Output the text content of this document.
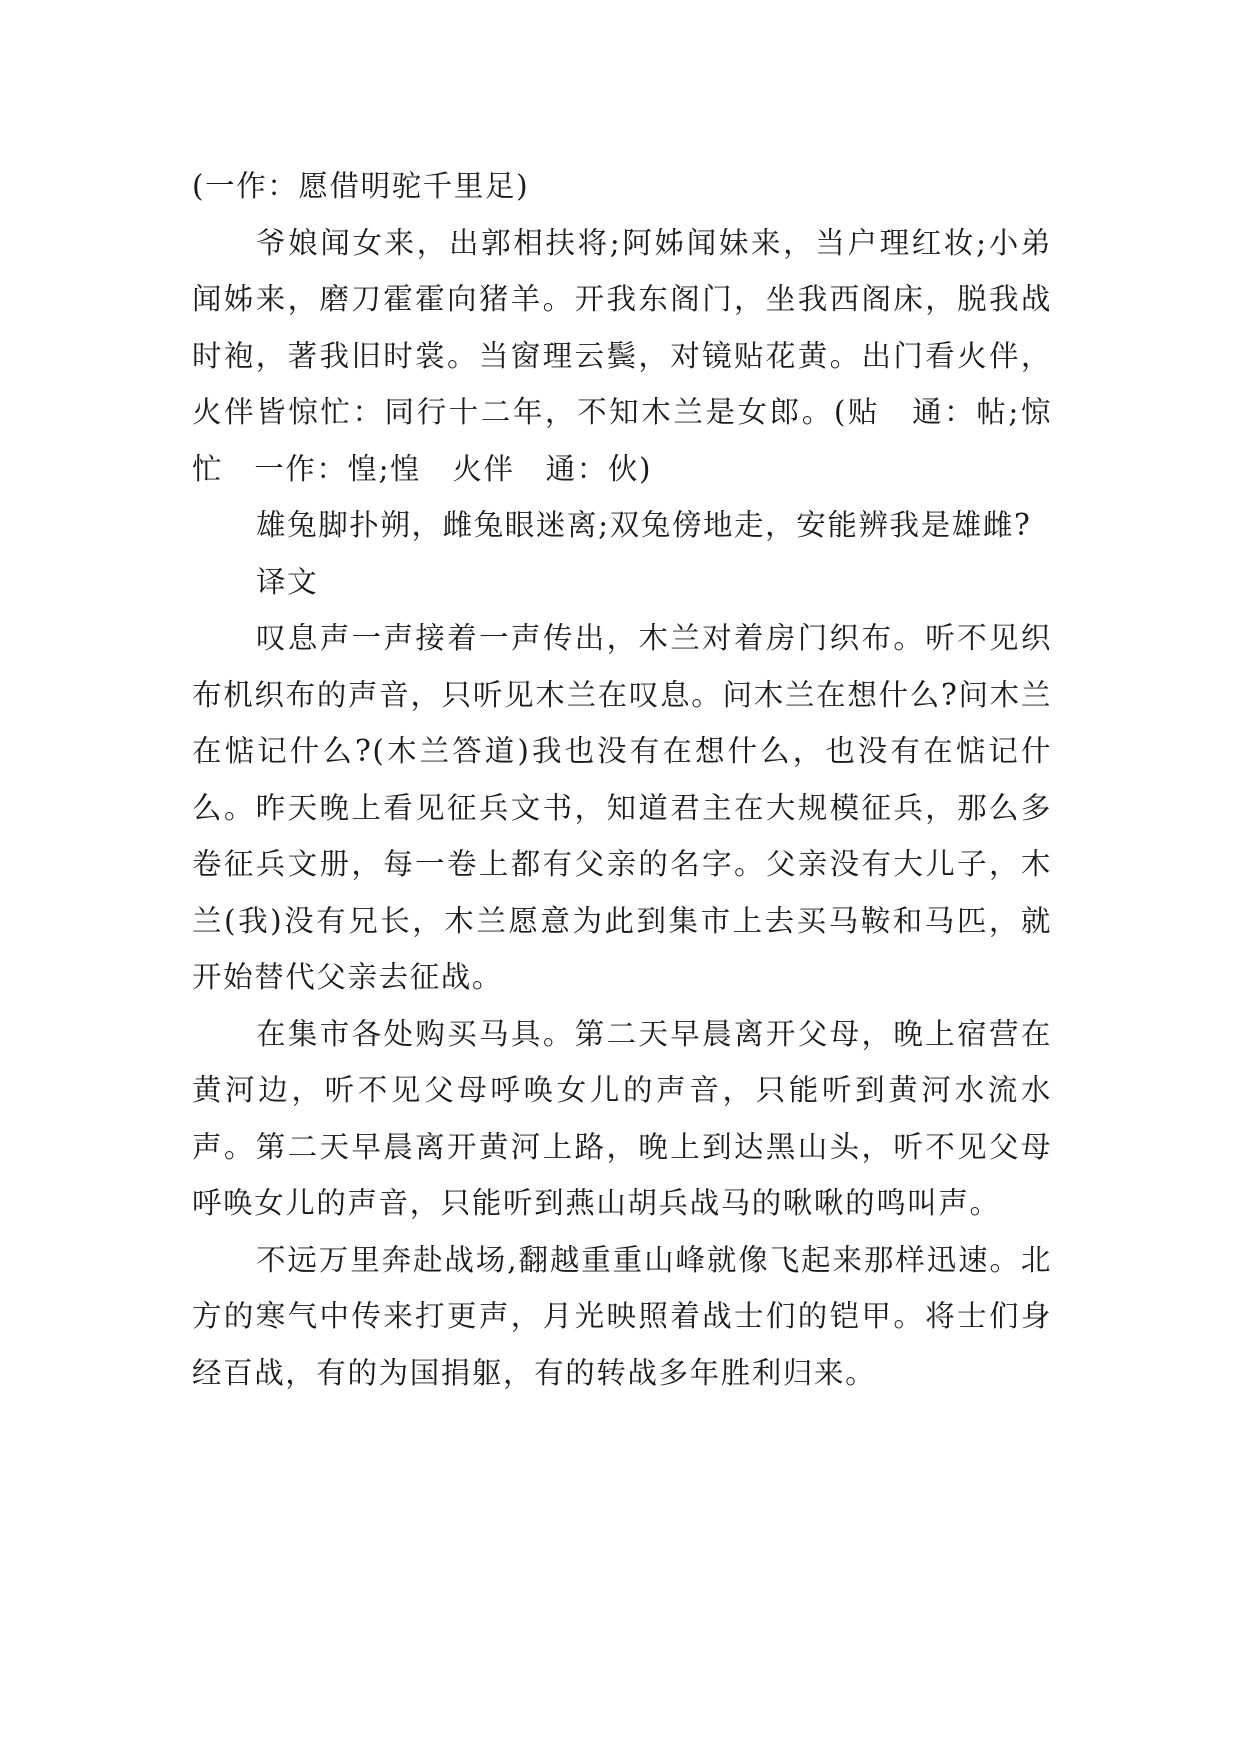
(一作：愿借明驼千里足)

爷娘闻女来，出郭相扶将;阿姊闻妹来，当户理红妆;小弟闻姊来，磨刀霍霍向猪羊。开我东阁门，坐我西阁床，脱我战时袍，著我旧时裳。当窗理云鬓，对镜贴花黄。出门看火伴，火伴皆惊忙：同行十二年，不知木兰是女郎。(贴　通：帖;惊忙　一作：惶;惶　火伴　通：伙)

雄兔脚扑朔，雌兔眼迷离;双兔傍地走，安能辨我是雄雌?

译文

叹息声一声接着一声传出，木兰对着房门织布。听不见织布机织布的声音，只听见木兰在叹息。问木兰在想什么?问木兰在惦记什么?(木兰答道)我也没有在想什么，也没有在惦记什么。昨天晚上看见征兵文书，知道君主在大规模征兵，那么多卷征兵文册，每一卷上都有父亲的名字。父亲没有大儿子，木兰(我)没有兄长，木兰愿意为此到集市上去买马鞍和马匹，就开始替代父亲去征战。

在集市各处购买马具。第二天早晨离开父母，晚上宿营在黄河边，听不见父母呼唤女儿的声音，只能听到黄河水流水声。第二天早晨离开黄河上路，晚上到达黑山头，听不见父母呼唤女儿的声音，只能听到燕山胡兵战马的啾啾的鸣叫声。

不远万里奔赴战场,翻越重重山峰就像飞起来那样迅速。北方的寒气中传来打更声，月光映照着战士们的铠甲。将士们身经百战，有的为国捐躯，有的转战多年胜利归来。
